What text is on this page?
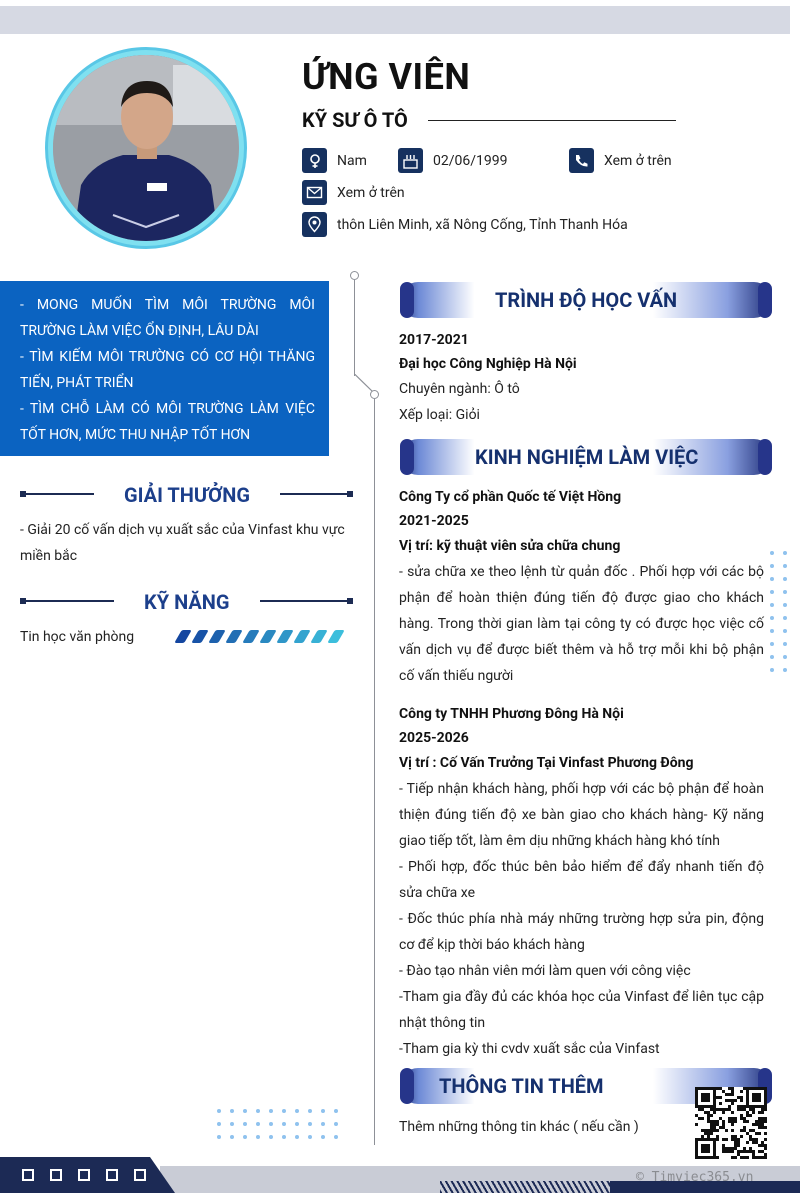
ỨNG VIÊN
KỸ SƯ Ô TÔ
Nam	02/06/1999	Xem ở trên
Xem ở trên
thôn Liên Minh, xã Nông Cống, Tỉnh Thanh Hóa

- MONG MUỐN TÌM MÔI TRƯỜNG MÔI TRƯỜNG LÀM VIỆC ỔN ĐỊNH, LÂU DÀI

- TÌM KIẾM MÔI TRƯỜNG CÓ CƠ HỘI THĂNG TIẾN, PHÁT TRIỂN

- TÌM CHỖ LÀM CÓ MÔI TRƯỜNG LÀM VIỆC TỐT HƠN, MỨC THU NHẬP TỐT HƠN

GIẢI THƯỞNG
- Giải 20 cố vấn dịch vụ xuất sắc của Vinfast khu vực miền bắc
KỸ NĂNG
Tin học văn phòng
TRÌNH ĐỘ HỌC VẤN
2017-2021
Đại học Công Nghiệp Hà Nội
Chuyên ngành: Ô tô
Xếp loại: Giỏi
KINH NGHIỆM LÀM VIỆC
Công Ty cổ phần Quốc tế Việt Hồng
2021-2025
Vị trí: kỹ thuật viên sửa chữa chung
- sửa chữa xe theo lệnh từ quản đốc . Phối hợp với các bộ phận để hoàn thiện đúng tiến độ được giao cho khách hàng. Trong thời gian làm tại công ty có được học việc cố vấn dịch vụ để được biết thêm và hỗ trợ mỗi khi bộ phận cố vấn thiếu người
Công ty TNHH Phương Đông Hà Nội
2025-2026
Vị trí : Cố Vấn Trưởng Tại Vinfast Phương Đông

- Tiếp nhận khách hàng, phối hợp với các bộ phận để hoàn thiện đúng tiến độ xe bàn giao cho khách hàng- Kỹ năng giao tiếp tốt, làm êm dịu những khách hàng khó tính

- Phối hợp, đốc thúc bên bảo hiểm để đẩy nhanh tiến độ sửa chữa xe

- Đốc thúc phía nhà máy những trường hợp sửa pin, động cơ để kịp thời báo khách hàng

- Đào tạo nhân viên mới làm quen với công việc

-Tham gia đầy đủ các khóa học của Vinfast để liên tục cập nhật thông tin

-Tham gia kỳ thi cvdv xuất sắc của Vinfast

THÔNG TIN THÊM
Thêm những thông tin khác ( nếu cần )
© Timviec365.vn
